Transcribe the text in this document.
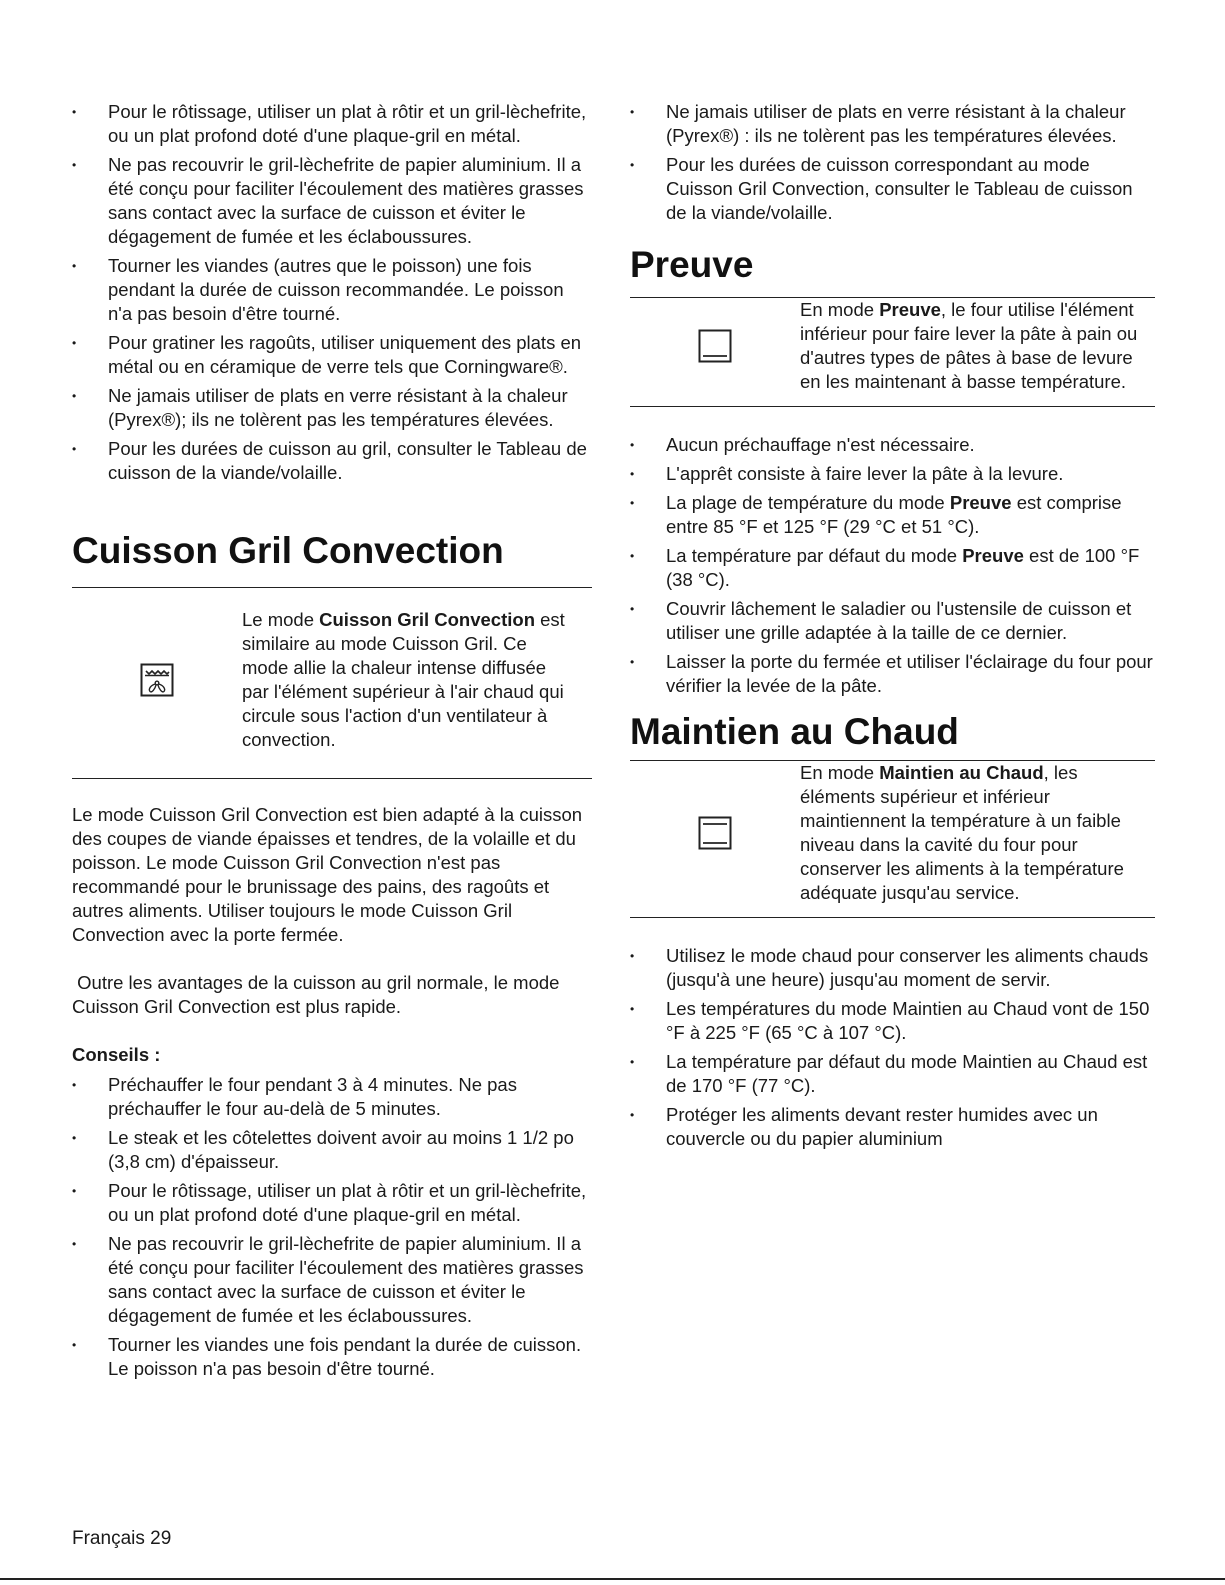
• Pour le rôtissage, utiliser un plat à rôtir et un gril-lèchefrite, ou un plat profond doté d'une plaque-gril en métal.
• Ne pas recouvrir le gril-lèchefrite de papier aluminium. Il a été conçu pour faciliter l'écoulement des matières grasses sans contact avec la surface de cuisson et éviter le dégagement de fumée et les éclaboussures.
• Tourner les viandes (autres que le poisson) une fois pendant la durée de cuisson recommandée. Le poisson n'a pas besoin d'être tourné.
• Pour gratiner les ragoûts, utiliser uniquement des plats en métal ou en céramique de verre tels que Corningware®.
• Ne jamais utiliser de plats en verre résistant à la chaleur (Pyrex®); ils ne tolèrent pas les températures élevées.
• Pour les durées de cuisson au gril, consulter le Tableau de cuisson de la viande/volaille.
Cuisson Gril Convection
Le mode Cuisson Gril Convection est similaire au mode Cuisson Gril. Ce mode allie la chaleur intense diffusée par l'élément supérieur à l'air chaud qui circule sous l'action d'un ventilateur à convection.

Le mode Cuisson Gril Convection est bien adapté à la cuisson des coupes de viande épaisses et tendres, de la volaille et du poisson. Le mode Cuisson Gril Convection n'est pas recommandé pour le brunissage des pains, des ragoûts et autres aliments. Utiliser toujours le mode Cuisson Gril Convection avec la porte fermée.

Outre les avantages de la cuisson au gril normale, le mode Cuisson Gril Convection est plus rapide.

Conseils :
• Préchauffer le four pendant 3 à 4 minutes. Ne pas préchauffer le four au-delà de 5 minutes.
• Le steak et les côtelettes doivent avoir au moins 1 1/2 po (3,8 cm) d'épaisseur.
• Pour le rôtissage, utiliser un plat à rôtir et un gril-lèchefrite, ou un plat profond doté d'une plaque-gril en métal.
• Ne pas recouvrir le gril-lèchefrite de papier aluminium. Il a été conçu pour faciliter l'écoulement des matières grasses sans contact avec la surface de cuisson et éviter le dégagement de fumée et les éclaboussures.
• Tourner les viandes une fois pendant la durée de cuisson. Le poisson n'a pas besoin d'être tourné.
• Ne jamais utiliser de plats en verre résistant à la chaleur (Pyrex®) : ils ne tolèrent pas les températures élevées.
• Pour les durées de cuisson correspondant au mode Cuisson Gril Convection, consulter le Tableau de cuisson de la viande/volaille.
Preuve
En mode Preuve, le four utilise l'élément inférieur pour faire lever la pâte à pain ou d'autres types de pâtes à base de levure en les maintenant à basse température.
• Aucun préchauffage n'est nécessaire.
• L'apprêt consiste à faire lever la pâte à la levure.
• La plage de température du mode Preuve est comprise entre 85 °F et 125 °F (29 °C et 51 °C).
• La température par défaut du mode Preuve est de 100 °F (38 °C).
• Couvrir lâchement le saladier ou l'ustensile de cuisson et utiliser une grille adaptée à la taille de ce dernier.
• Laisser la porte du fermée et utiliser l'éclairage du four pour vérifier la levée de la pâte.
Maintien au Chaud
En mode Maintien au Chaud, les éléments supérieur et inférieur maintiennent la température à un faible niveau dans la cavité du four pour conserver les aliments à la température adéquate jusqu'au service.
• Utilisez le mode chaud pour conserver les aliments chauds (jusqu'à une heure) jusqu'au moment de servir.
• Les températures du mode Maintien au Chaud vont de 150 °F à 225 °F (65 °C à 107 °C).
• La température par défaut du mode Maintien au Chaud est de 170 °F (77 °C).
• Protéger les aliments devant rester humides avec un couvercle ou du papier aluminium
Français 29
